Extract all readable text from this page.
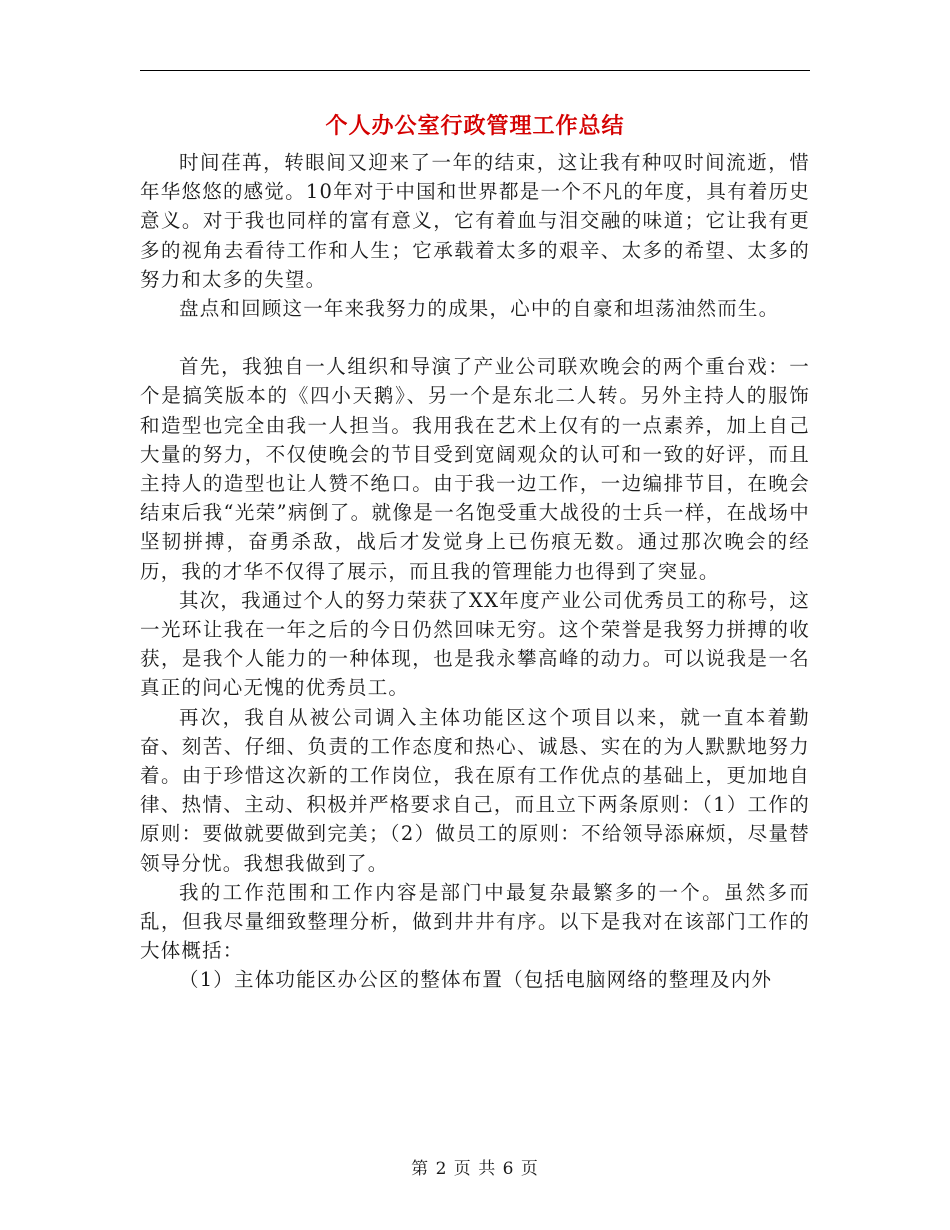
个人办公室行政管理工作总结

时间荏苒，转眼间又迎来了一年的结束，这让我有种叹时间流逝，惜年华悠悠的感觉。10年对于中国和世界都是一个不凡的年度，具有着历史意义。对于我也同样的富有意义，它有着血与泪交融的味道；它让我有更多的视角去看待工作和人生；它承载着太多的艰辛、太多的希望、太多的努力和太多的失望。

盘点和回顾这一年来我努力的成果，心中的自豪和坦荡油然而生。

首先，我独自一人组织和导演了产业公司联欢晚会的两个重台戏：一个是搞笑版本的《四小天鹅》、另一个是东北二人转。另外主持人的服饰和造型也完全由我一人担当。我用我在艺术上仅有的一点素养，加上自己大量的努力，不仅使晚会的节目受到宽阔观众的认可和一致的好评，而且主持人的造型也让人赞不绝口。由于我一边工作，一边编排节目，在晚会结束后我“光荣”病倒了。就像是一名饱受重大战役的士兵一样，在战场中坚韧拼搏，奋勇杀敌，战后才发觉身上已伤痕无数。通过那次晚会的经历，我的才华不仅得了展示，而且我的管理能力也得到了突显。

其次，我通过个人的努力荣获了XX年度产业公司优秀员工的称号，这一光环让我在一年之后的今日仍然回味无穷。这个荣誉是我努力拼搏的收获，是我个人能力的一种体现，也是我永攀高峰的动力。可以说我是一名真正的问心无愧的优秀员工。

再次，我自从被公司调入主体功能区这个项目以来，就一直本着勤奋、刻苦、仔细、负责的工作态度和热心、诚恳、实在的为人默默地努力着。由于珍惜这次新的工作岗位，我在原有工作优点的基础上，更加地自律、热情、主动、积极并严格要求自己，而且立下两条原则：（1）工作的原则：要做就要做到完美；（2）做员工的原则：不给领导添麻烦，尽量替领导分忧。我想我做到了。

我的工作范围和工作内容是部门中最复杂最繁多的一个。虽然多而乱，但我尽量细致整理分析，做到井井有序。以下是我对在该部门工作的大体概括：

（1）主体功能区办公区的整体布置（包括电脑网络的整理及内外

第 2 页 共 6 页
